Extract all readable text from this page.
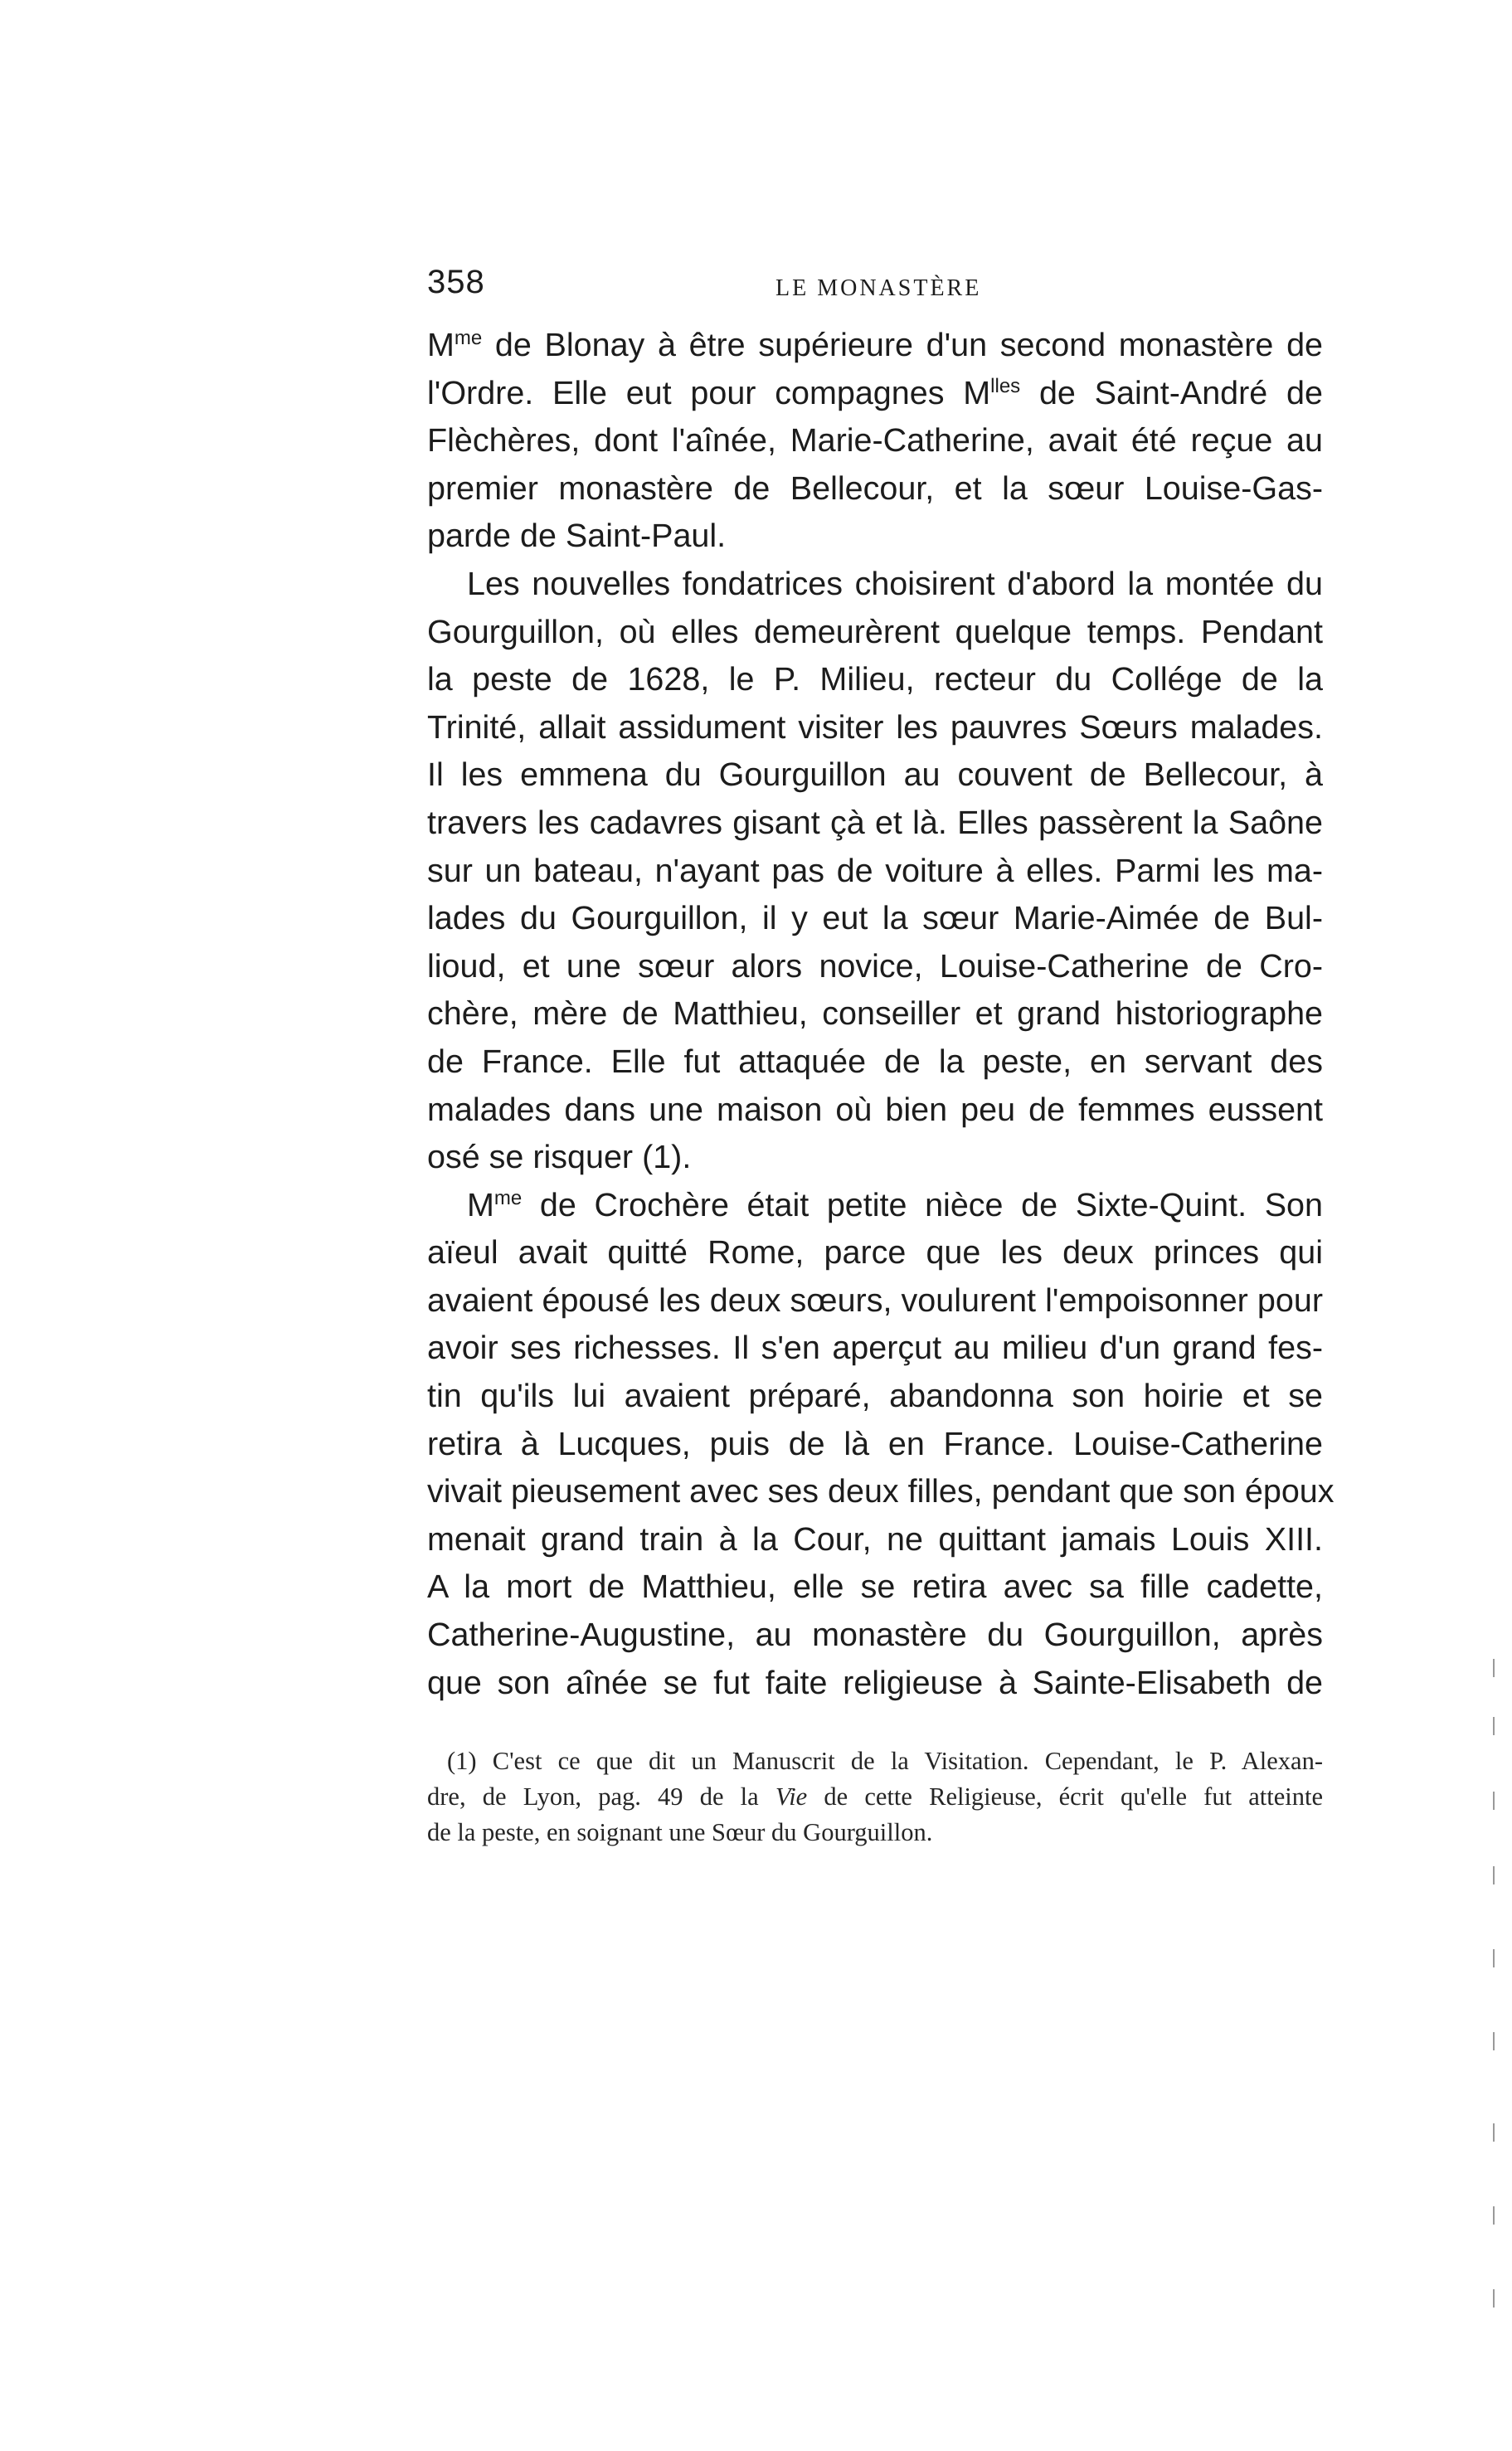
358	LE MONASTÈRE
$M^{me}$ de Blonay à être supérieure d'un second monastère de
l'Ordre. Elle eut pour compagnes $M^{lles}$ de Saint-André de
Flèchères, dont l'aînée, Marie-Catherine, avait été reçue au
premier monastère de Bellecour, et la sœur Louise-Gas-
parde de Saint-Paul.
Les nouvelles fondatrices choisirent d'abord la montée du
Gourguillon, où elles demeurèrent quelque temps. Pendant
la peste de 1628, le P. Milieu, recteur du Collége de la
Trinité, allait assidument visiter les pauvres Sœurs malades.
Il les emmena du Gourguillon au couvent de Bellecour, à
travers les cadavres gisant çà et là. Elles passèrent la Saône
sur un bateau, n'ayant pas de voiture à elles. Parmi les ma-
lades du Gourguillon, il y eut la sœur Marie-Aimée de Bul-
lioud, et une sœur alors novice, Louise-Catherine de Cro-
chère, mère de Matthieu, conseiller et grand historiographe
de France. Elle fut attaquée de la peste, en servant des
malades dans une maison où bien peu de femmes eussent
osé se risquer (1).
$M^{me}$ de Crochère était petite nièce de Sixte-Quint. Son
aïeul avait quitté Rome, parce que les deux princes qui
avaient épousé les deux sœurs, voulurent l'empoisonner pour
avoir ses richesses. Il s'en aperçut au milieu d'un grand fes-
tin qu'ils lui avaient préparé, abandonna son hoirie et se
retira à Lucques, puis de là en France. Louise-Catherine
vivait pieusement avec ses deux filles, pendant que son époux
menait grand train à la Cour, ne quittant jamais Louis XIII.
A la mort de Matthieu, elle se retira avec sa fille cadette,
Catherine-Augustine, au monastère du Gourguillon, après
que son aînée se fut faite religieuse à Sainte-Elisabeth de
(1) C'est ce que dit un Manuscrit de la Visitation. Cependant, le P. Alexan-
dre, de Lyon, pag. 49 de la Vie de cette Religieuse, écrit qu'elle fut atteinte
de la peste, en soignant une Sœur du Gourguillon.
